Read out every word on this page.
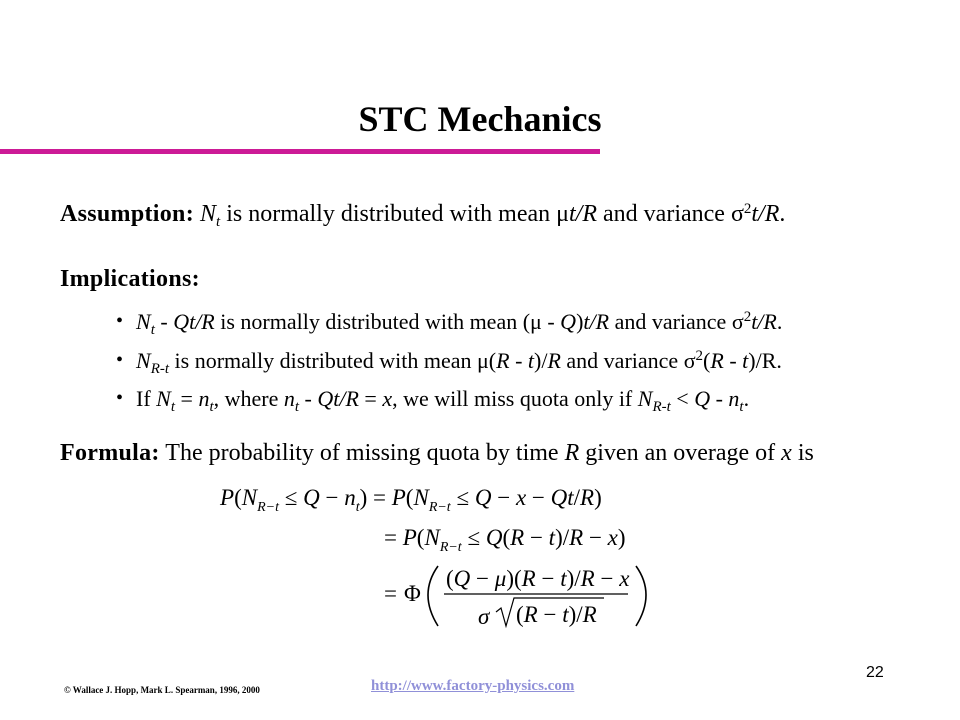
STC Mechanics
Assumption: $N_t$ is normally distributed with mean μt/R and variance $\sigma^2t/R$.
Implications:
• $N_t - Qt/R$ is normally distributed with mean (μ - Q)t/R and variance $\sigma^2t/R$.
• $N_{R-t}$ is normally distributed with mean μ(R - t)/R and variance $\sigma^2(R - t)/R$.
• If $N_t = n_t$, where $n_t - Qt/R = x$, we will miss quota only if $N_{R-t} < Q - n_t$.
Formula: The probability of missing quota by time R given an overage of x is
$P(N_{R-t} \le Q - n_t) = P(N_{R-t} \le Q - x - Qt/R)$
= $P(N_{R-t} \le Q(R - t)/R - x)$
= Φ
(Q − μ)(R − t)/R − x
σ (R − t)/R
© Wallace J. Hopp, Mark L. Spearman, 1996, 2000	http://www.factory-physics.com
22
